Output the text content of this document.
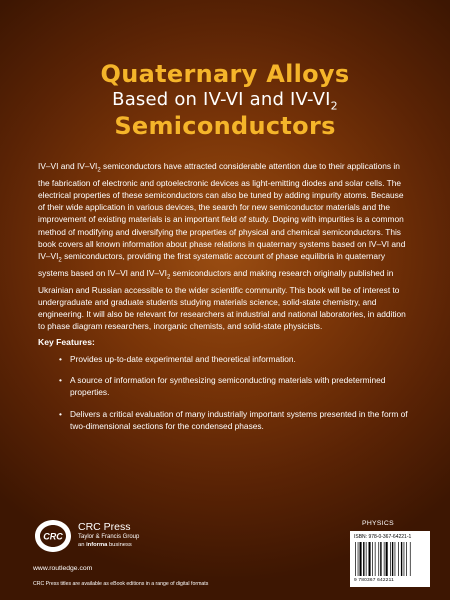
Quaternary Alloys
Based on IV-VI and $IV-VI_2$
Semiconductors

IV–VI and $IV-VI_2$ semiconductors have attracted considerable attention due to their applications in the fabrication of electronic and optoelectronic devices as light-emitting diodes and solar cells. The electrical properties of these semiconductors can also be tuned by adding impurity atoms. Because of their wide application in various devices, the search for new semiconductor materials and the improvement of existing materials is an important field of study. Doping with impurities is a common method of modifying and diversifying the properties of physical and chemical semiconductors. This book covers all known information about phase relations in quaternary systems based on IV–VI and $IV-VI_2$ semiconductors, providing the first systematic account of phase equilibria in quaternary systems based on IV–VI and $IV-VI_2$ semiconductors and making research originally published in Ukrainian and Russian accessible to the wider scientific community. This book will be of interest to undergraduate and graduate students studying materials science, solid-state chemistry, and engineering. It will also be relevant for researchers at industrial and national laboratories, in addition to phase diagram researchers, inorganic chemists, and solid-state physicists.

Key Features:

• Provides up-to-date experimental and theoretical information.
• A source of information for synthesizing semiconducting materials with predetermined properties.
• Delivers a critical evaluation of many industrially important systems presented in the form of two-dimensional sections for the condensed phases.
CRC
CRC Press
Taylor & Francis Group
an informa business
www.routledge.com
CRC Press titles are available as eBook editions in a range of digital formats
PHYSICS
ISBN: 978-0-367-64221-1
9 780367 642211
